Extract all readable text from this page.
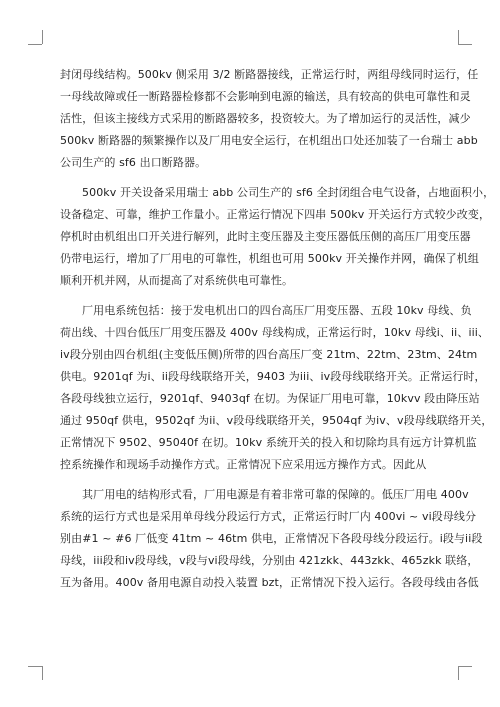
封闭母线结构。500kv 侧采用 3/2 断路器接线，正常运行时，两组母线同时运行，任
一母线故障或任一断路器检修都不会影响到电源的输送，具有较高的供电可靠性和灵
活性，但该主接线方式采用的断路器较多，投资较大。为了增加运行的灵活性，减少
500kv 断路器的频繁操作以及厂用电安全运行，在机组出口处还加装了一台瑞士 abb
公司生产的 sf6 出口断路器。
500kv 开关设备采用瑞士 abb 公司生产的 sf6 全封闭组合电气设备，占地面积小，
设备稳定、可靠，维护工作量小。正常运行情况下四串 500kv 开关运行方式较少改变，
停机时由机组出口开关进行解列，此时主变压器及主变压器低压侧的高压厂用变压器
仍带电运行，增加了厂用电的可靠性，机组也可用 500kv 开关操作并网，确保了机组
顺利开机并网，从而提高了对系统供电可靠性。
厂用电系统包括：接于发电机出口的四台高压厂用变压器、五段 10kv 母线、负
荷出线、十四台低压厂用变压器及 400v 母线构成，正常运行时，10kv 母线i、ii、iii、
iv段分别由四台机组(主变低压侧)所带的四台高压厂变 21tm、22tm、23tm、24tm
供电。9201qf 为i、ii段母线联络开关，9403 为iii、iv段母线联络开关。正常运行时，
各段母线独立运行，9201qf、9403qf 在切。为保证厂用电可靠，10kvv 段由降压站
通过 950qf 供电，9502qf 为ii、v段母线联络开关，9504qf 为iv、v段母线联络开关，
正常情况下 9502、95040f 在切。10kv 系统开关的投入和切除均具有远方计算机监
控系统操作和现场手动操作方式。正常情况下应采用远方操作方式。因此从
其厂用电的结构形式看，厂用电源是有着非常可靠的保障的。低压厂用电 400v
系统的运行方式也是采用单母线分段运行方式，正常运行时厂内 400vi ~ vi段母线分
别由#1 ~ #6 厂低变 41tm ~ 46tm 供电，正常情况下各段母线分段运行。i段与ii段
母线，iii段和iv段母线，v段与vi段母线，分别由 421zkk、443zkk、465zkk 联络，
互为备用。400v 备用电源自动投入装置 bzt，正常情况下投入运行。各段母线由各低
